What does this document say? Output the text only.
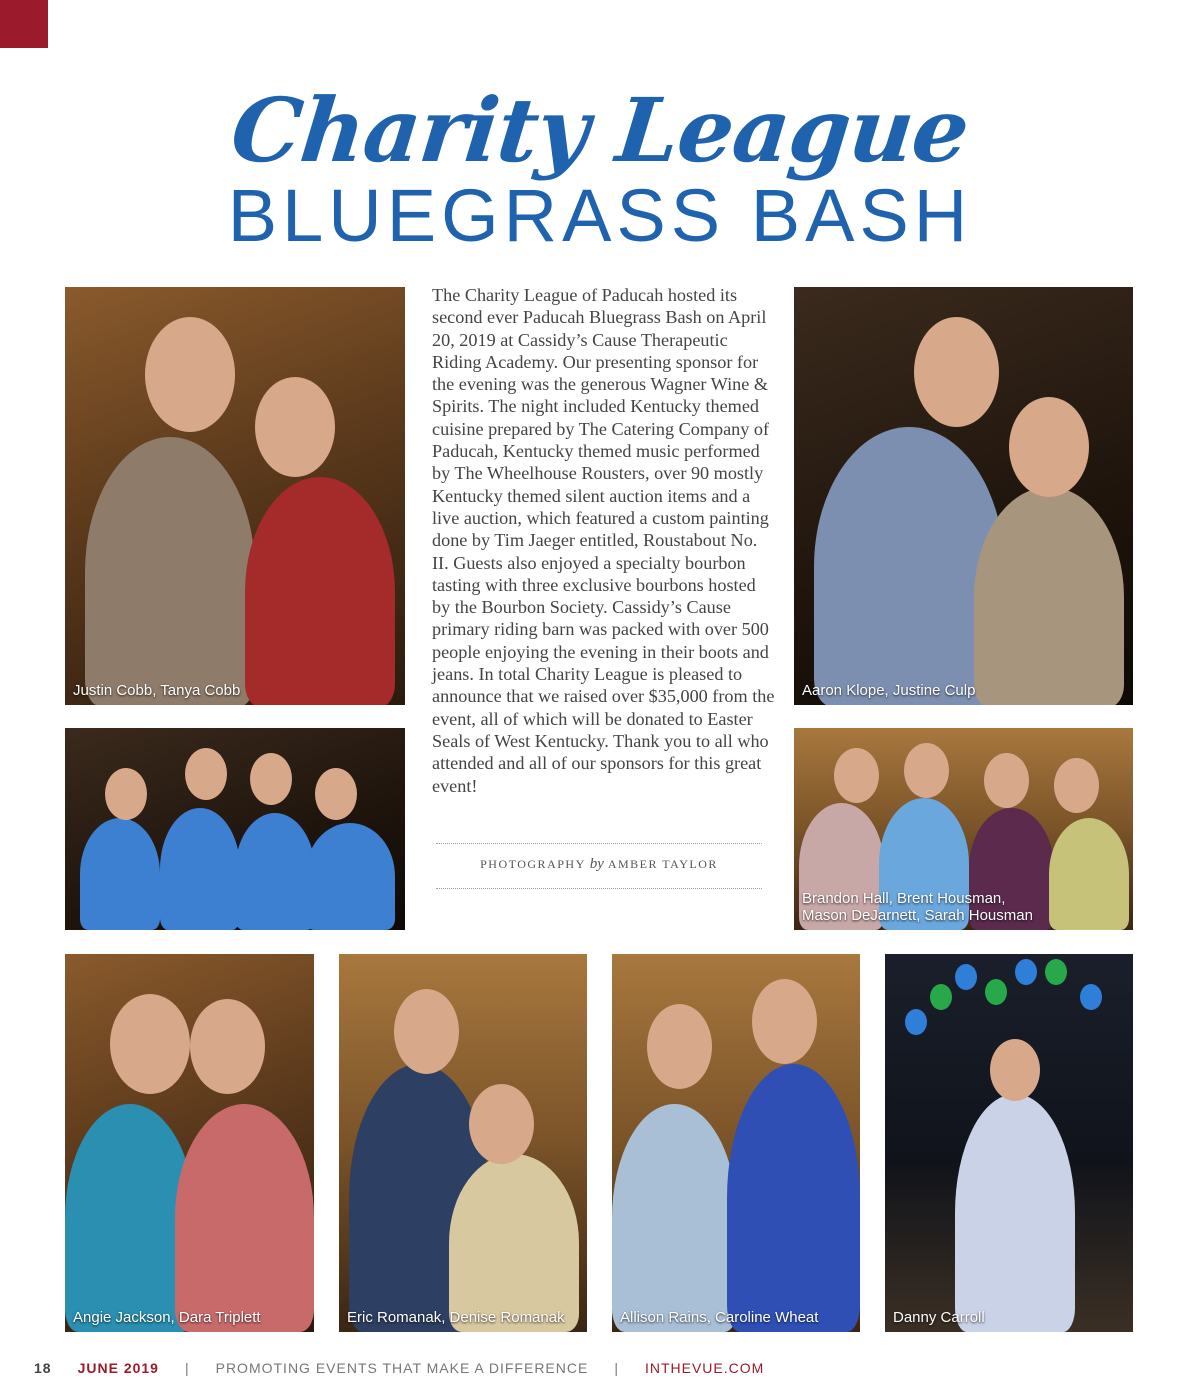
Charity League
BLUEGRASS BASH
Justin Cobb, Tanya Cobb	Aaron Klope, Justine Culp
Brandon Hall, Brent Housman,
Mason DeJarnett, Sarah Housman
Angie Jackson, Dara Triplett	Eric Romanak, Denise Romanak	Allison Rains, Caroline Wheat	Danny Carroll
The Charity League of Paducah hosted its second ever Paducah Bluegrass Bash on April 20, 2019 at Cassidy’s Cause Therapeutic Riding Academy. Our presenting sponsor for the evening was the generous Wagner Wine & Spirits. The night included Kentucky themed cuisine prepared by The Catering Company of Paducah, Kentucky themed music performed by The Wheelhouse Rousters, over 90 mostly Kentucky themed silent auction items and a live auction, which featured a custom painting done by Tim Jaeger entitled, Roustabout No. II. Guests also enjoyed a specialty bourbon tasting with three exclusive bourbons hosted by the Bourbon Society. Cassidy’s Cause primary riding barn was packed with over 500 people enjoying the evening in their boots and jeans. In total Charity League is pleased to announce that we raised over $35,000 from the event, all of which will be donated to Easter Seals of West Kentucky. Thank you to all who attended and all of our sponsors for this great event!
PHOTOGRAPHY by AMBER TAYLOR
18 JUNE 2019 | PROMOTING EVENTS THAT MAKE A DIFFERENCE | INTHEVUE.COM
